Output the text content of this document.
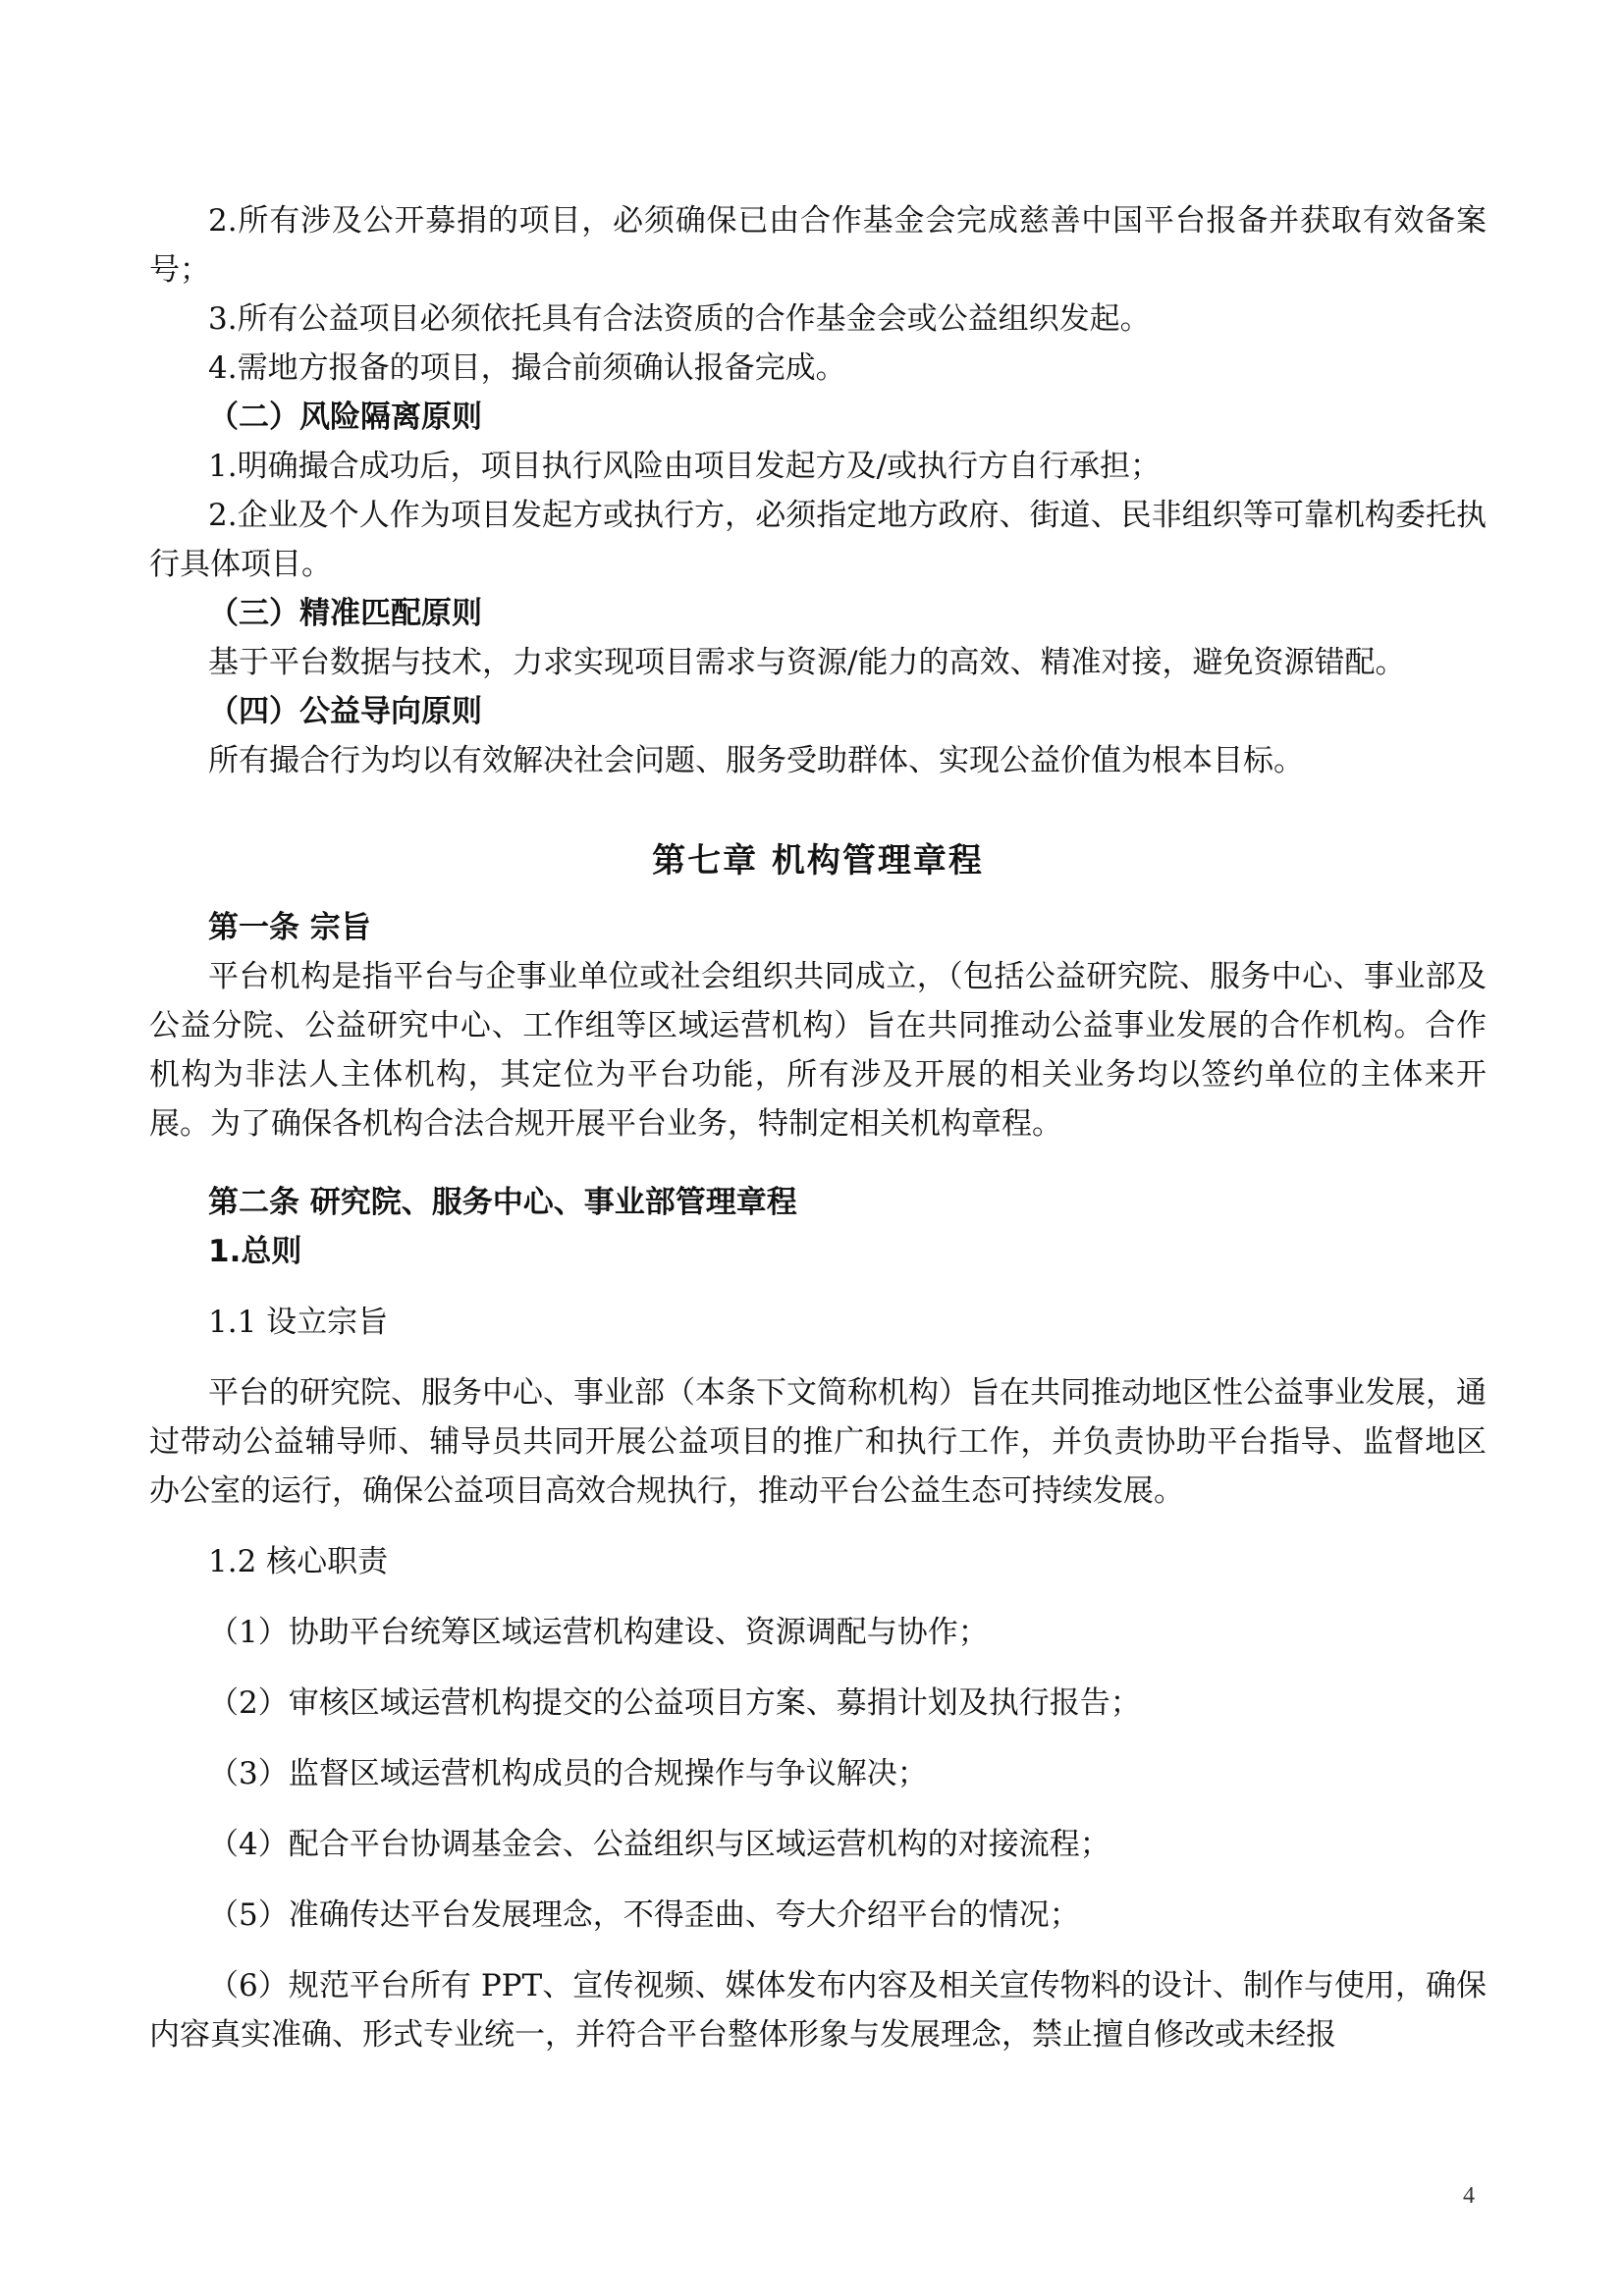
2.所有涉及公开募捐的项目，必须确保已由合作基金会完成慈善中国平台报备并获取有效备案号；

3.所有公益项目必须依托具有合法资质的合作基金会或公益组织发起。

4.需地方报备的项目，撮合前须确认报备完成。

（二）风险隔离原则

1.明确撮合成功后，项目执行风险由项目发起方及/或执行方自行承担；

2.企业及个人作为项目发起方或执行方，必须指定地方政府、街道、民非组织等可靠机构委托执行具体项目。

（三）精准匹配原则

基于平台数据与技术，力求实现项目需求与资源/能力的高效、精准对接，避免资源错配。

（四）公益导向原则

所有撮合行为均以有效解决社会问题、服务受助群体、实现公益价值为根本目标。

第七章 机构管理章程

第一条 宗旨

平台机构是指平台与企事业单位或社会组织共同成立，（包括公益研究院、服务中心、事业部及公益分院、公益研究中心、工作组等区域运营机构）旨在共同推动公益事业发展的合作机构。合作机构为非法人主体机构，其定位为平台功能，所有涉及开展的相关业务均以签约单位的主体来开展。为了确保各机构合法合规开展平台业务，特制定相关机构章程。

第二条 研究院、服务中心、事业部管理章程

1.总则

1.1 设立宗旨

平台的研究院、服务中心、事业部（本条下文简称机构）旨在共同推动地区性公益事业发展，通过带动公益辅导师、辅导员共同开展公益项目的推广和执行工作，并负责协助平台指导、监督地区办公室的运行，确保公益项目高效合规执行，推动平台公益生态可持续发展。

1.2 核心职责

（1）协助平台统筹区域运营机构建设、资源调配与协作；

（2）审核区域运营机构提交的公益项目方案、募捐计划及执行报告；

（3）监督区域运营机构成员的合规操作与争议解决；

（4）配合平台协调基金会、公益组织与区域运营机构的对接流程；

（5）准确传达平台发展理念，不得歪曲、夸大介绍平台的情况；

（6）规范平台所有 PPT、宣传视频、媒体发布内容及相关宣传物料的设计、制作与使用，确保内容真实准确、形式专业统一，并符合平台整体形象与发展理念，禁止擅自修改或未经报

4
